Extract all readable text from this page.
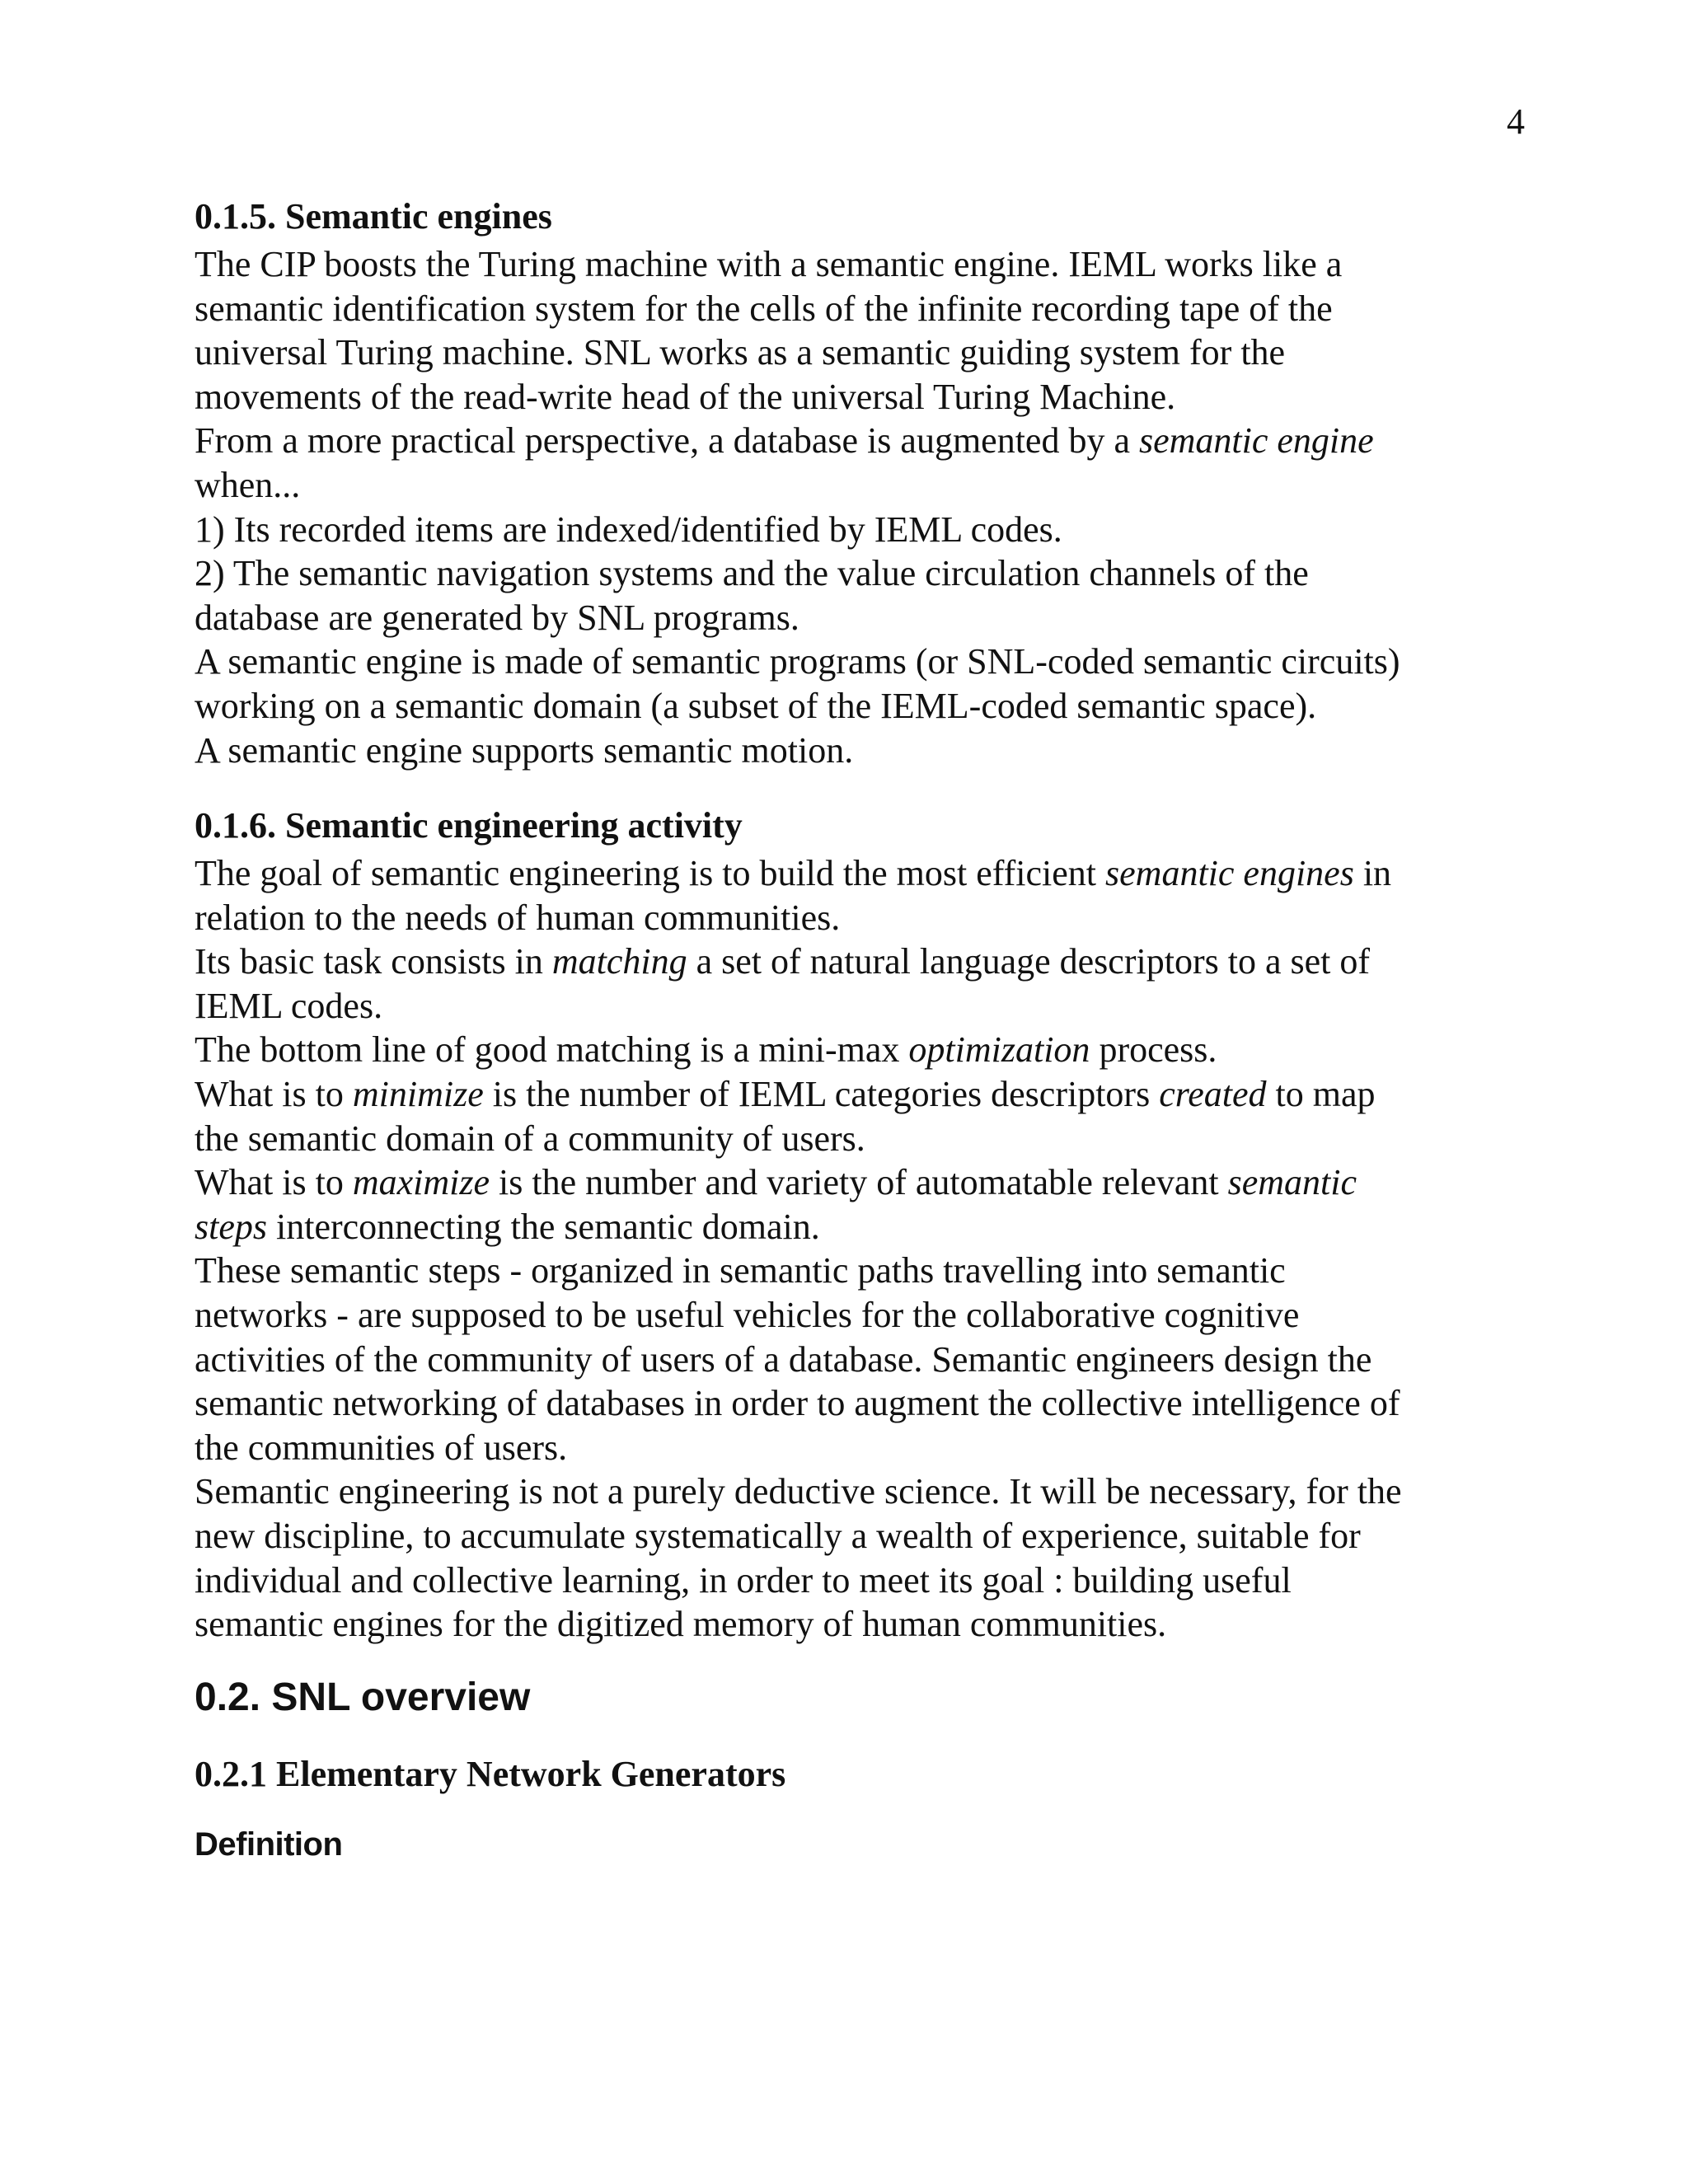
4
0.1.5. Semantic engines
The CIP boosts the Turing machine with a semantic engine. IEML works like a
semantic identification system for the cells of the infinite recording tape of the
universal Turing machine. SNL works as a semantic guiding system for the
movements of the read-write head of the universal Turing Machine.
From a more practical perspective, a database is augmented by a semantic engine
when...
1) Its recorded items are indexed/identified by IEML codes.
2) The semantic navigation systems and the value circulation channels of the
database are generated by SNL programs.
A semantic engine is made of semantic programs (or SNL-coded semantic circuits)
working on a semantic domain (a subset of the IEML-coded semantic space).
A semantic engine supports semantic motion.
0.1.6. Semantic engineering activity
The goal of semantic engineering is to build the most efficient semantic engines in
relation to the needs of human communities.
Its basic task consists in matching a set of natural language descriptors to a set of
IEML codes.
The bottom line of good matching is a mini-max optimization process.
What is to minimize is the number of IEML categories descriptors created to map
the semantic domain of a community of users.
What is to maximize is the number and variety of automatable relevant semantic
steps interconnecting the semantic domain.
These semantic steps - organized in semantic paths travelling into semantic
networks - are supposed to be useful vehicles for the collaborative cognitive
activities of the community of users of a database. Semantic engineers design the
semantic networking of databases in order to augment the collective intelligence of
the communities of users.
Semantic engineering is not a purely deductive science. It will be necessary, for the
new discipline, to accumulate systematically a wealth of experience, suitable for
individual and collective learning, in order to meet its goal : building useful
semantic engines for the digitized memory of human communities.
0.2. SNL overview
0.2.1 Elementary Network Generators
Definition
